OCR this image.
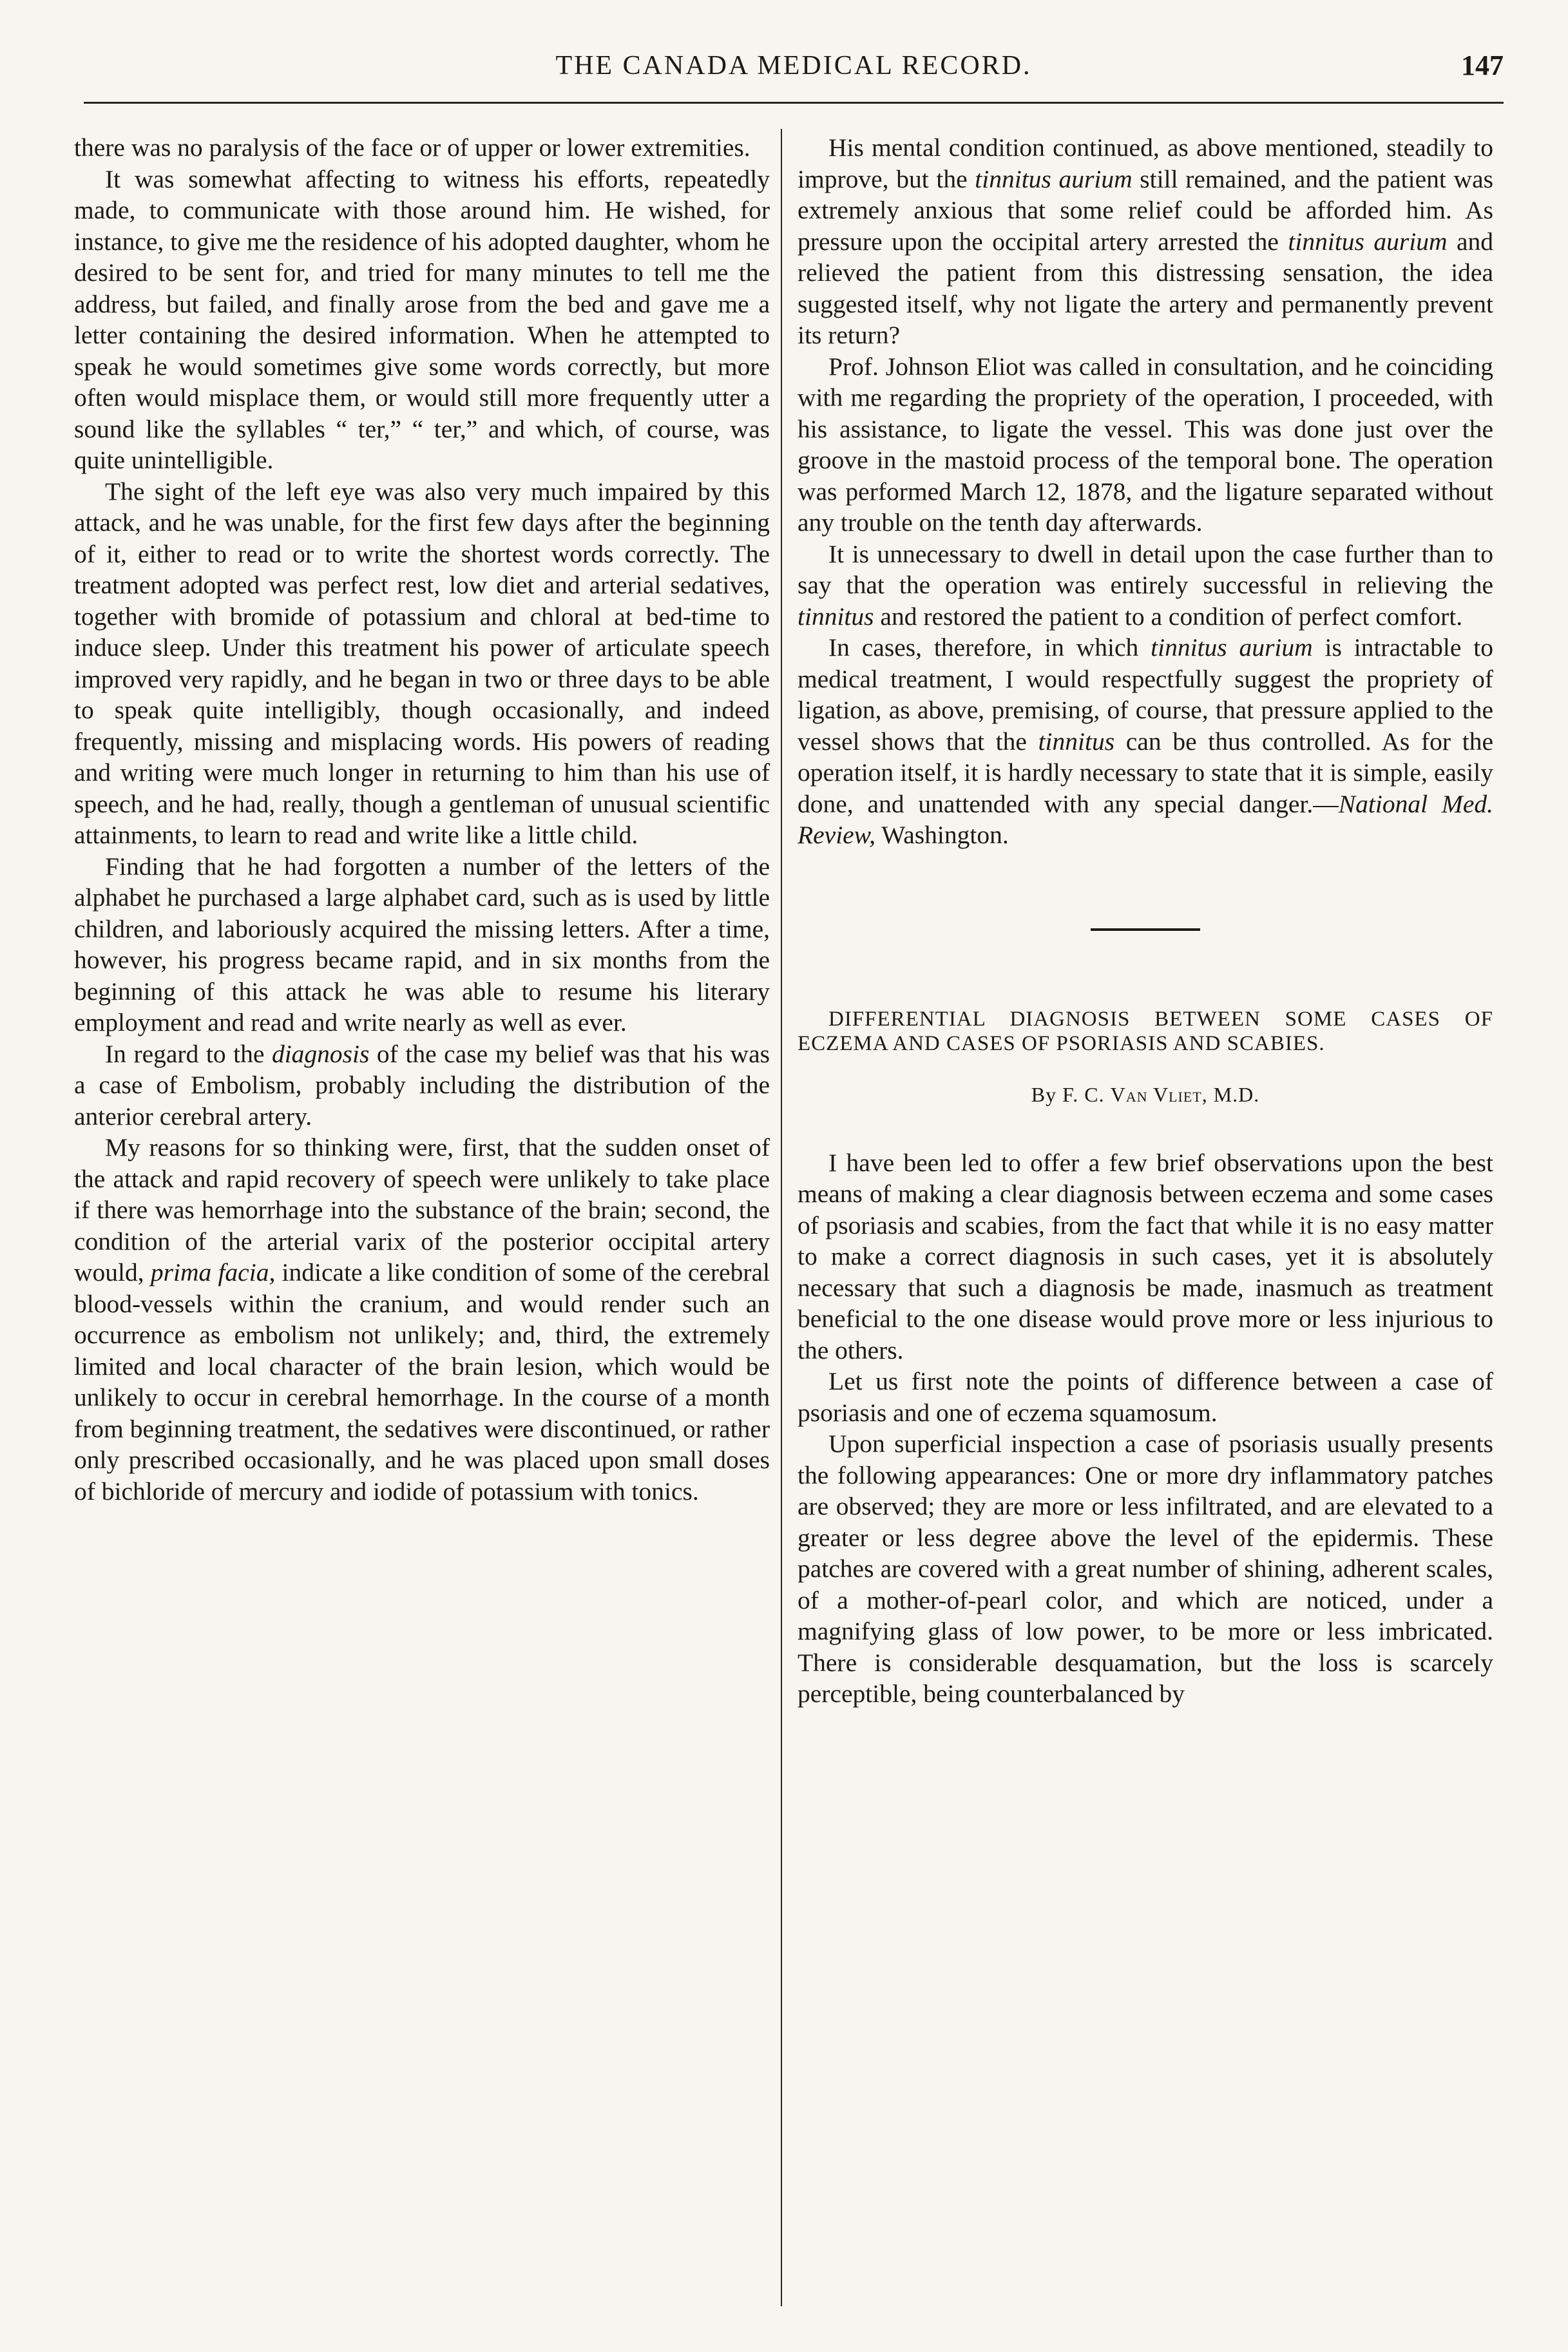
THE CANADA MEDICAL RECORD.	147

there was no paralysis of the face or of upper or lower extremities.

It was somewhat affecting to witness his efforts, repeatedly made, to communicate with those around him. He wished, for instance, to give me the residence of his adopted daughter, whom he desired to be sent for, and tried for many minutes to tell me the address, but failed, and finally arose from the bed and gave me a letter containing the desired information. When he attempted to speak he would sometimes give some words correctly, but more often would misplace them, or would still more frequently utter a sound like the syllables “ ter,” “ ter,” and which, of course, was quite unintelligible.

The sight of the left eye was also very much impaired by this attack, and he was unable, for the first few days after the beginning of it, either to read or to write the shortest words correctly. The treatment adopted was perfect rest, low diet and arterial sedatives, together with bromide of potassium and chloral at bed-time to induce sleep. Under this treatment his power of articulate speech improved very rapidly, and he began in two or three days to be able to speak quite intelligibly, though occasionally, and indeed frequently, missing and misplacing words. His powers of reading and writing were much longer in returning to him than his use of speech, and he had, really, though a gentleman of unusual scientific attainments, to learn to read and write like a little child.

Finding that he had forgotten a number of the letters of the alphabet he purchased a large alphabet card, such as is used by little children, and laboriously acquired the missing letters. After a time, however, his progress became rapid, and in six months from the beginning of this attack he was able to resume his literary employment and read and write nearly as well as ever.

In regard to the diagnosis of the case my belief was that his was a case of Embolism, probably including the distribution of the anterior cerebral artery.

My reasons for so thinking were, first, that the sudden onset of the attack and rapid recovery of speech were unlikely to take place if there was hemorrhage into the substance of the brain; second, the condition of the arterial varix of the posterior occipital artery would, prima facia, indicate a like condition of some of the cerebral blood-vessels within the cranium, and would render such an occurrence as embolism not unlikely; and, third, the extremely limited and local character of the brain lesion, which would be unlikely to occur in cerebral hemorrhage. In the course of a month from beginning treatment, the sedatives were discontinued, or rather only prescribed occasionally, and he was placed upon small doses of bichloride of mercury and iodide of potassium with tonics.

His mental condition continued, as above mentioned, steadily to improve, but the tinnitus aurium still remained, and the patient was extremely anxious that some relief could be afforded him. As pressure upon the occipital artery arrested the tinnitus aurium and relieved the patient from this distressing sensation, the idea suggested itself, why not ligate the artery and permanently prevent its return?

Prof. Johnson Eliot was called in consultation, and he coinciding with me regarding the propriety of the operation, I proceeded, with his assistance, to ligate the vessel. This was done just over the groove in the mastoid process of the temporal bone. The operation was performed March 12, 1878, and the ligature separated without any trouble on the tenth day afterwards.

It is unnecessary to dwell in detail upon the case further than to say that the operation was entirely successful in relieving the tinnitus and restored the patient to a condition of perfect comfort.

In cases, therefore, in which tinnitus aurium is intractable to medical treatment, I would respectfully suggest the propriety of ligation, as above, premising, of course, that pressure applied to the vessel shows that the tinnitus can be thus controlled. As for the operation itself, it is hardly necessary to state that it is simple, easily done, and unattended with any special danger.—National Med. Review, Washington.

DIFFERENTIAL DIAGNOSIS BETWEEN SOME CASES OF ECZEMA AND CASES OF PSORIASIS AND SCABIES.

By F. C. Van Vliet, M.D.

I have been led to offer a few brief observations upon the best means of making a clear diagnosis between eczema and some cases of psoriasis and scabies, from the fact that while it is no easy matter to make a correct diagnosis in such cases, yet it is absolutely necessary that such a diagnosis be made, inasmuch as treatment beneficial to the one disease would prove more or less injurious to the others.

Let us first note the points of difference between a case of psoriasis and one of eczema squamosum.

Upon superficial inspection a case of psoriasis usually presents the following appearances: One or more dry inflammatory patches are observed; they are more or less infiltrated, and are elevated to a greater or less degree above the level of the epidermis. These patches are covered with a great number of shining, adherent scales, of a mother-of-pearl color, and which are noticed, under a magnifying glass of low power, to be more or less imbricated. There is considerable desquamation, but the loss is scarcely perceptible, being counterbalanced by
